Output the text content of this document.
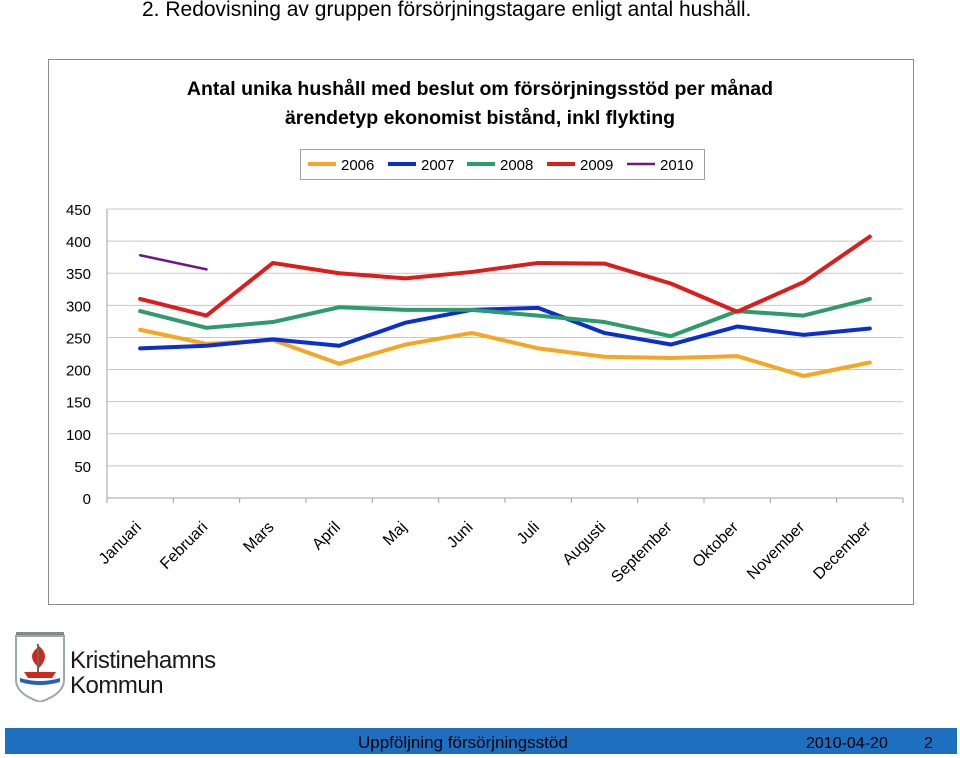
2. Redovisning av gruppen försörjningstagare enligt antal hushåll.
Antal unika hushåll med beslut om försörjningsstöd per månad
ärendetyp ekonomist bistånd, inkl flykting
0
50
100
150
200
250
300
350
400
450
Januari Februari Mars April Maj Juni Juli Augusti
September Oktober November December
2006	2007	2008	2009	2010
Kristinehamns
Kommun
Uppföljning försörjningsstöd	2010-04-20 2
